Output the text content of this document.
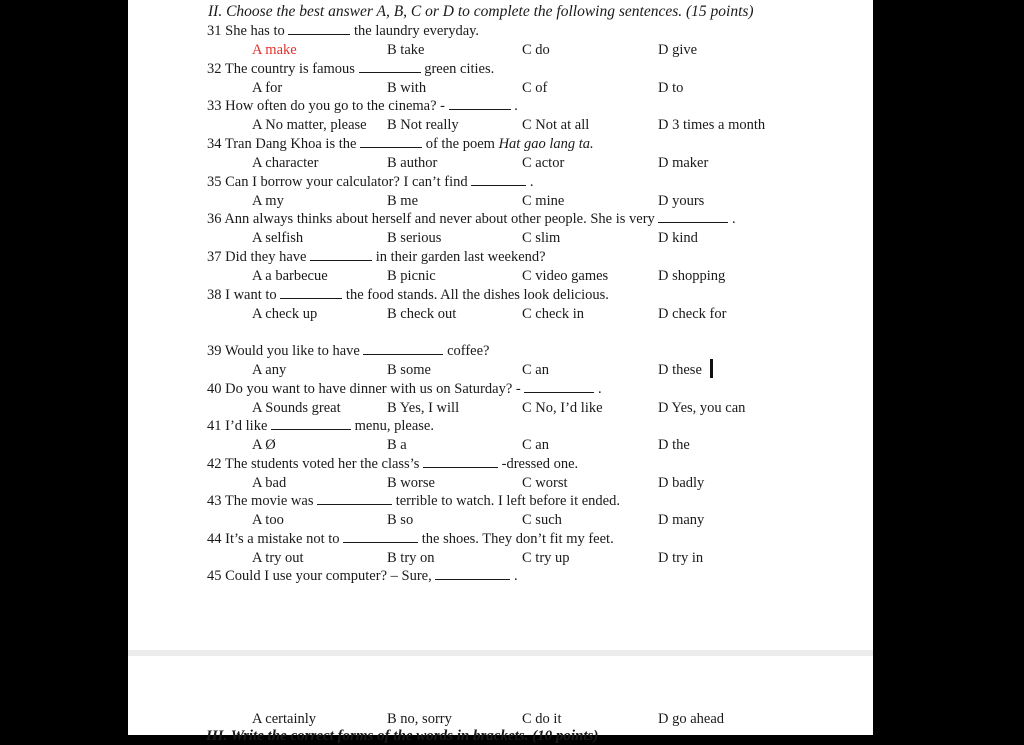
II. Choose the best answer A, B, C or D to complete the following sentences. (15 points)
31 She has to	the laundry everyday.
A make	B take	C do	D give
32 The country is famous	green cities.
A for	B with	C of	D to
33 How often do you go to the cinema? -	.
A No matter, please B Not really	C Not at all	D 3 times a month
34 Tran Dang Khoa is the	of the poem Hat gao lang ta.
A character	B author	C actor	D maker
35 Can I borrow your calculator? I can’t find	.
A my	B me	C mine	D yours
36 Ann always thinks about herself and never about other people. She is very	.
A selfish	B serious	C slim	D kind
37 Did they have	in their garden last weekend?
A a barbecue	B picnic	C video games	D shopping
38 I want to	the food stands. All the dishes look delicious.
A check up	B check out	C check in	D check for
39 Would you like to have	coffee?
A any	B some	C an	D these
40 Do you want to have dinner with us on Saturday? -	.
A Sounds great	B Yes, I will	C No, I’d like	D Yes, you can
41 I’d like	menu, please.
A Ø	B a	C an	D the
42 The students voted her the class’s	-dressed one.
A bad	B worse	C worst	D badly
43 The movie was	terrible to watch. I left before it ended.
A too	B so	C such	D many
44 It’s a mistake not to	the shoes. They don’t fit my feet.
A try out	B try on	C try up	D try in
45 Could I use your computer? – Sure,	.
A certainly	B no, sorry	C do it	D go ahead
III. Write the correct forms of the words in brackets. (10 points)
